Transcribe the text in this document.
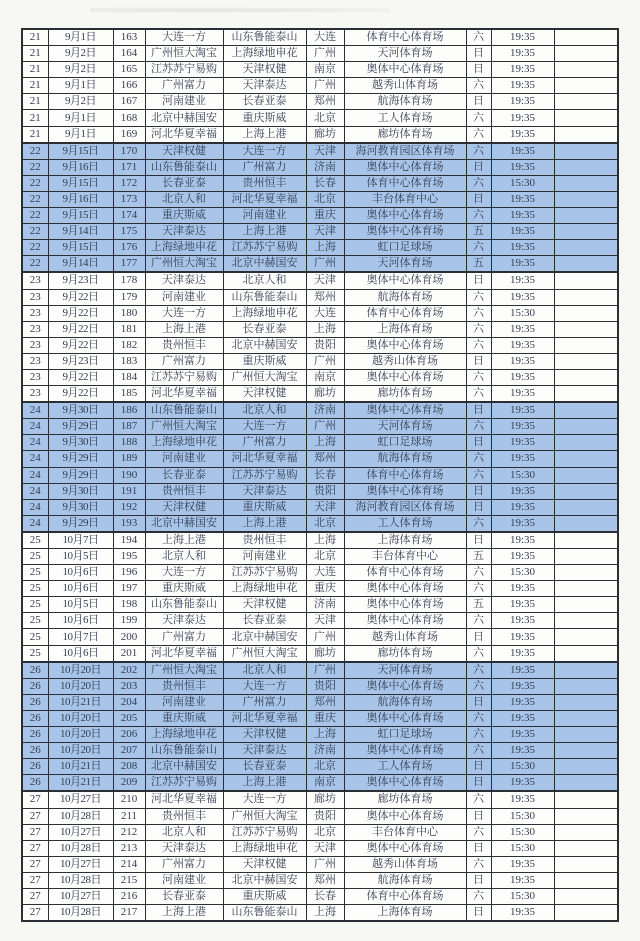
21	9月1日	163	大连一方	山东鲁能泰山	大连	体育中心体育场	六	19:35	
21	9月2日	164	广州恒大淘宝	上海绿地申花	广州	天河体育场	日	19:35	
21	9月2日	165	江苏苏宁易购	天津权健	南京	奥体中心体育场	日	19:35	
21	9月1日	166	广州富力	天津泰达	广州	越秀山体育场	六	19:35	
21	9月2日	167	河南建业	长春亚泰	郑州	航海体育场	日	19:35	
21	9月1日	168	北京中赫国安	重庆斯威	北京	工人体育场	六	19:35	
21	9月1日	169	河北华夏幸福	上海上港	廊坊	廊坊体育场	六	19:35	
22	9月15日	170	天津权健	大连一方	天津	海河教育园区体育场	六	19:35	
22	9月16日	171	山东鲁能泰山	广州富力	济南	奥体中心体育场	日	19:35	
22	9月15日	172	长春亚泰	贵州恒丰	长春	体育中心体育场	六	15:30	
22	9月16日	173	北京人和	河北华夏幸福	北京	丰台体育中心	日	19:35	
22	9月15日	174	重庆斯威	河南建业	重庆	奥体中心体育场	六	19:35	
22	9月14日	175	天津泰达	上海上港	天津	奥体中心体育场	五	19:35	
22	9月15日	176	上海绿地申花	江苏苏宁易购	上海	虹口足球场	六	19:35	
22	9月14日	177	广州恒大淘宝	北京中赫国安	广州	天河体育场	五	19:35	
23	9月23日	178	天津泰达	北京人和	天津	奥体中心体育场	日	19:35	
23	9月22日	179	河南建业	山东鲁能泰山	郑州	航海体育场	六	19:35	
23	9月22日	180	大连一方	上海绿地申花	大连	体育中心体育场	六	15:30	
23	9月22日	181	上海上港	长春亚泰	上海	上海体育场	六	19:35	
23	9月22日	182	贵州恒丰	北京中赫国安	贵阳	奥体中心体育场	六	19:35	
23	9月23日	183	广州富力	重庆斯威	广州	越秀山体育场	日	19:35	
23	9月22日	184	江苏苏宁易购	广州恒大淘宝	南京	奥体中心体育场	六	19:35	
23	9月22日	185	河北华夏幸福	天津权健	廊坊	廊坊体育场	六	19:35	
24	9月30日	186	山东鲁能泰山	北京人和	济南	奥体中心体育场	日	19:35	
24	9月29日	187	广州恒大淘宝	大连一方	广州	天河体育场	六	19:35	
24	9月30日	188	上海绿地申花	广州富力	上海	虹口足球场	日	19:35	
24	9月29日	189	河南建业	河北华夏幸福	郑州	航海体育场	六	19:35	
24	9月29日	190	长春亚泰	江苏苏宁易购	长春	体育中心体育场	六	15:30	
24	9月30日	191	贵州恒丰	天津泰达	贵阳	奥体中心体育场	日	19:35	
24	9月30日	192	天津权健	重庆斯威	天津	海河教育园区体育场	日	19:35	
24	9月29日	193	北京中赫国安	上海上港	北京	工人体育场	六	19:35	
25	10月7日	194	上海上港	贵州恒丰	上海	上海体育场	日	19:35	
25	10月5日	195	北京人和	河南建业	北京	丰台体育中心	五	19:35	
25	10月6日	196	大连一方	江苏苏宁易购	大连	体育中心体育场	六	15:30	
25	10月6日	197	重庆斯威	上海绿地申花	重庆	奥体中心体育场	六	19:35	
25	10月5日	198	山东鲁能泰山	天津权健	济南	奥体中心体育场	五	19:35	
25	10月6日	199	天津泰达	长春亚泰	天津	奥体中心体育场	六	19:35	
25	10月7日	200	广州富力	北京中赫国安	广州	越秀山体育场	日	19:35	
25	10月6日	201	河北华夏幸福	广州恒大淘宝	廊坊	廊坊体育场	六	19:35	
26	10月20日	202	广州恒大淘宝	北京人和	广州	天河体育场	六	19:35	
26	10月20日	203	贵州恒丰	大连一方	贵阳	奥体中心体育场	六	19:35	
26	10月21日	204	河南建业	广州富力	郑州	航海体育场	日	19:35	
26	10月20日	205	重庆斯威	河北华夏幸福	重庆	奥体中心体育场	六	19:35	
26	10月20日	206	上海绿地申花	天津权健	上海	虹口足球场	六	19:35	
26	10月20日	207	山东鲁能泰山	天津泰达	济南	奥体中心体育场	六	19:35	
26	10月21日	208	北京中赫国安	长春亚泰	北京	工人体育场	日	15:30	
26	10月21日	209	江苏苏宁易购	上海上港	南京	奥体中心体育场	日	19:35	
27	10月27日	210	河北华夏幸福	大连一方	廊坊	廊坊体育场	六	19:35	
27	10月28日	211	贵州恒丰	广州恒大淘宝	贵阳	奥体中心体育场	日	15:30	
27	10月27日	212	北京人和	江苏苏宁易购	北京	丰台体育中心	六	15:30	
27	10月28日	213	天津泰达	上海绿地申花	天津	奥体中心体育场	日	15:30	
27	10月27日	214	广州富力	天津权健	广州	越秀山体育场	六	19:35	
27	10月28日	215	河南建业	北京中赫国安	郑州	航海体育场	日	19:35	
27	10月27日	216	长春亚泰	重庆斯威	长春	体育中心体育场	六	15:30	
27	10月28日	217	上海上港	山东鲁能泰山	上海	上海体育场	日	19:35	
